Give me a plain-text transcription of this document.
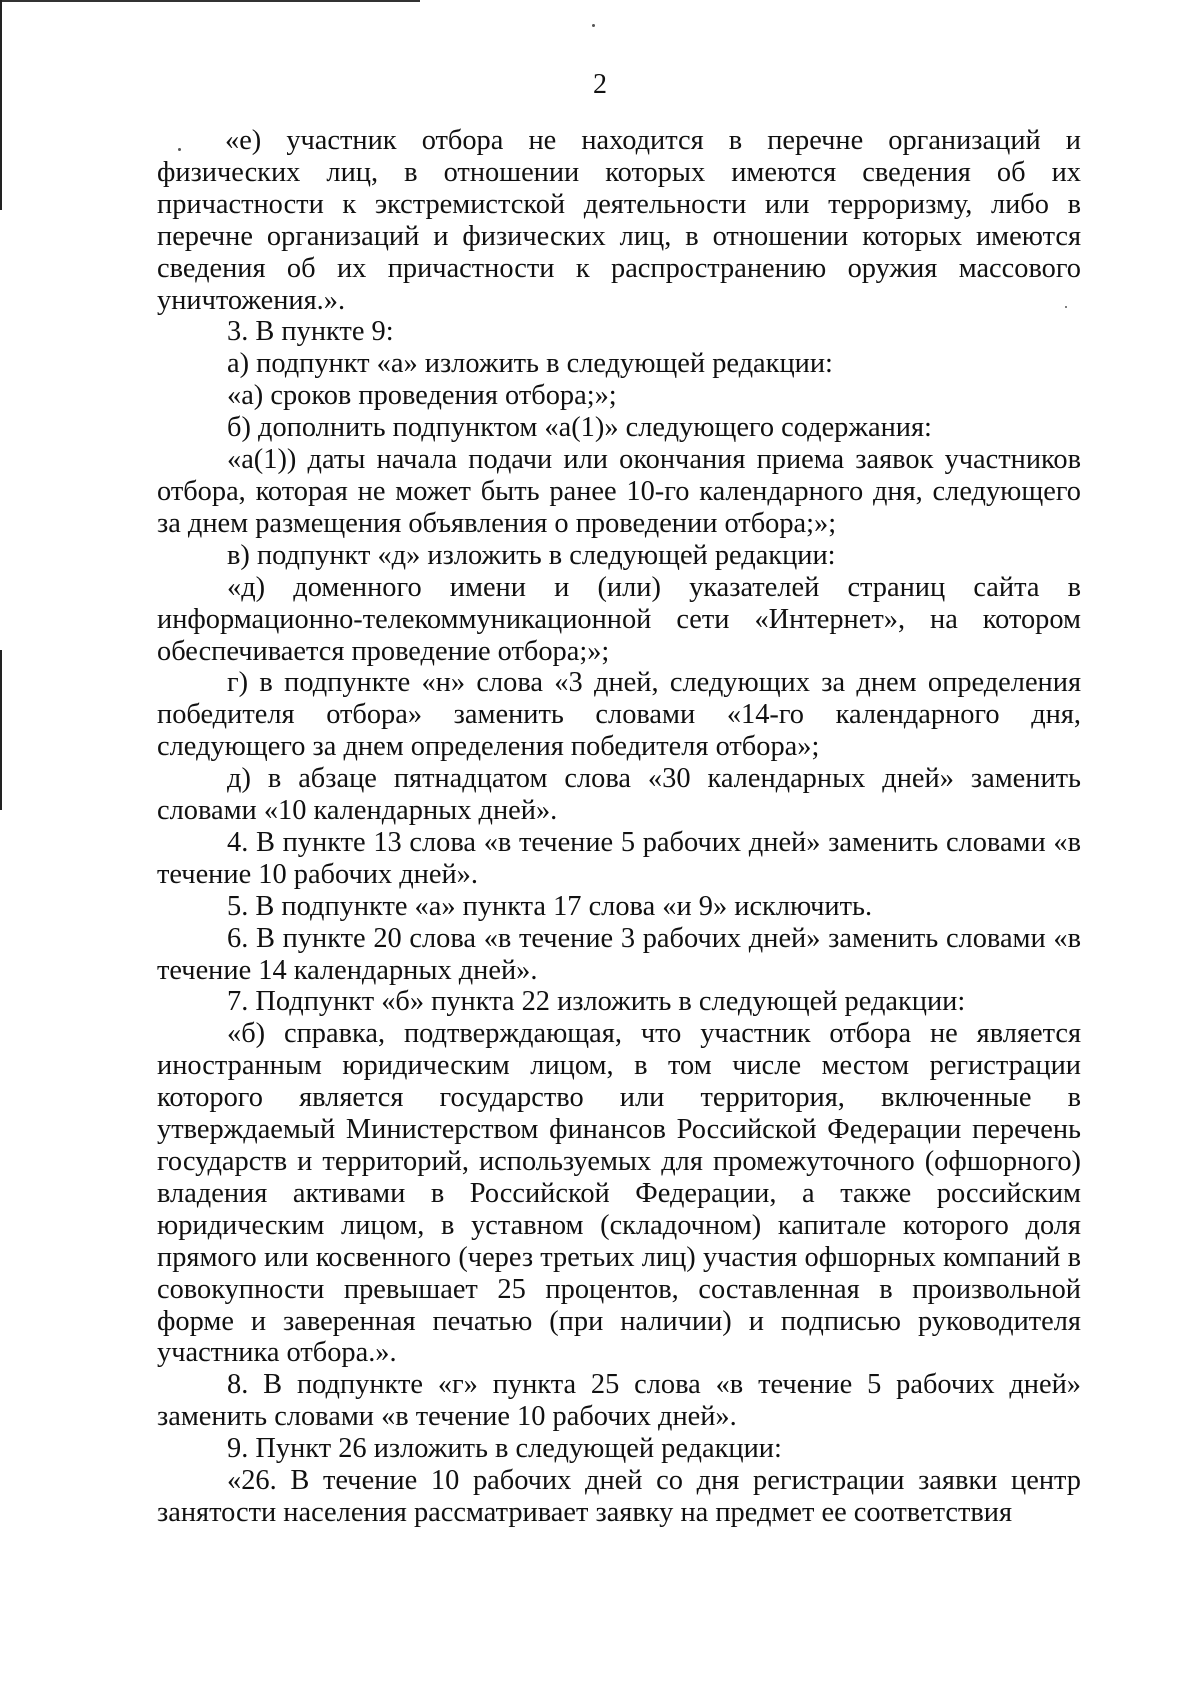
2

«е) участник отбора не находится в перечне организаций и физических лиц, в отношении которых имеются сведения об их причастности к экстремистской деятельности или терроризму, либо в перечне организаций и физических лиц, в отношении которых имеются сведения об их причастности к распространению оружия массового уничтожения.».

3. В пункте 9:

а) подпункт «а» изложить в следующей редакции:

«а) сроков проведения отбора;»;

б) дополнить подпунктом «а(1)» следующего содержания:

«а(1)) даты начала подачи или окончания приема заявок участников отбора, которая не может быть ранее 10-го календарного дня, следующего за днем размещения объявления о проведении отбора;»;

в) подпункт «д» изложить в следующей редакции:

«д) доменного имени и (или) указателей страниц сайта в информационно-телекоммуникационной сети «Интернет», на котором обеспечивается проведение отбора;»;

г) в подпункте «н» слова «3 дней, следующих за днем определения победителя отбора» заменить словами «14-го календарного дня, следующего за днем определения победителя отбора»;

д) в абзаце пятнадцатом слова «30 календарных дней» заменить словами «10 календарных дней».

4. В пункте 13 слова «в течение 5 рабочих дней» заменить словами «в течение 10 рабочих дней».

5. В подпункте «а» пункта 17 слова «и 9» исключить.

6. В пункте 20 слова «в течение 3 рабочих дней» заменить словами «в течение 14 календарных дней».

7. Подпункт «б» пункта 22 изложить в следующей редакции:

«б) справка, подтверждающая, что участник отбора не является иностранным юридическим лицом, в том числе местом регистрации которого является государство или территория, включенные в утверждаемый Министерством финансов Российской Федерации перечень государств и территорий, используемых для промежуточного (офшорного) владения активами в Российской Федерации, а также российским юридическим лицом, в уставном (складочном) капитале которого доля прямого или косвенного (через третьих лиц) участия офшорных компаний в совокупности превышает 25 процентов, составленная в произвольной форме и заверенная печатью (при наличии) и подписью руководителя участника отбора.».

8. В подпункте «г» пункта 25 слова «в течение 5 рабочих дней» заменить словами «в течение 10 рабочих дней».

9. Пункт 26 изложить в следующей редакции:

«26. В течение 10 рабочих дней со дня регистрации заявки центр занятости населения рассматривает заявку на предмет ее соответствия
